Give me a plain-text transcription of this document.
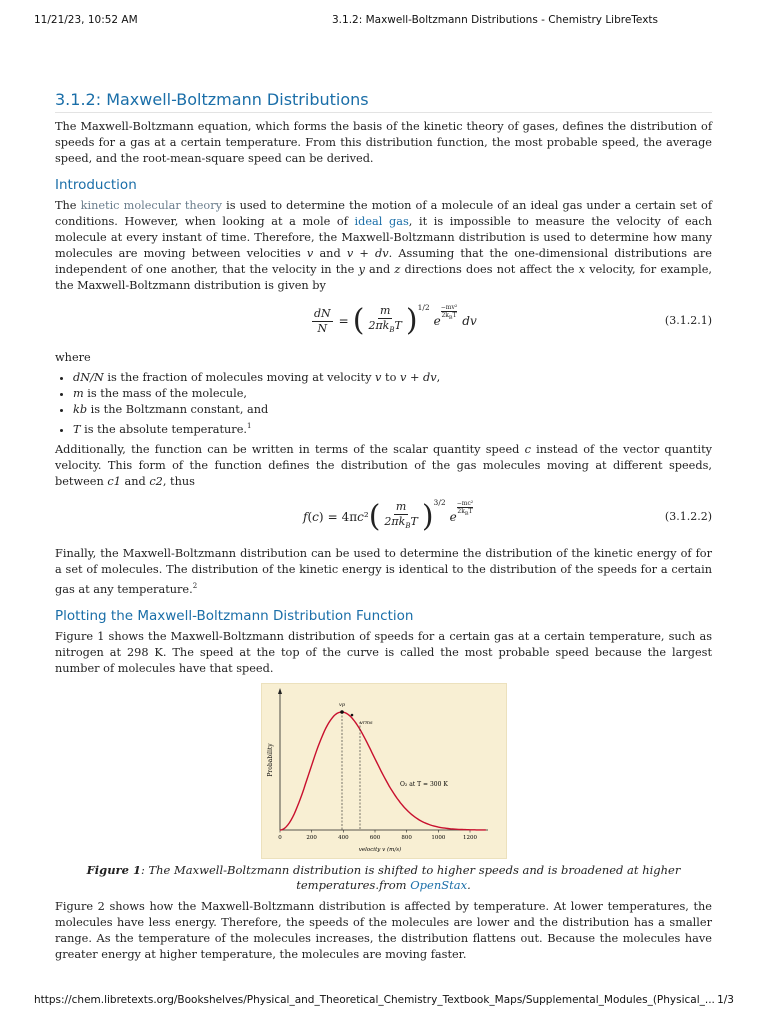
11/21/23, 10:52 AM	3.1.2: Maxwell-Boltzmann Distributions - Chemistry LibreTexts
3.1.2: Maxwell-Boltzmann Distributions

The Maxwell-Boltzmann equation, which forms the basis of the kinetic theory of gases, defines the distribution of speeds for a gas at a certain temperature. From this distribution function, the most probable speed, the average speed, and the root-mean-square speed can be derived.

Introduction

The kinetic molecular theory is used to determine the motion of a molecule of an ideal gas under a certain set of conditions. However, when looking at a mole of ideal gas, it is impossible to measure the velocity of each molecule at every instant of time. Therefore, the Maxwell-Boltzmann distribution is used to determine how many molecules are moving between velocities v and v + dv. Assuming that the one-dimensional distributions are independent of one another, that the velocity in the y and z directions does not affect the x velocity, for example, the Maxwell-Boltzmann distribution is given by

$\frac{dN}{N}$ = ( $\frac{m}{2\pi k_BT}$ ) 1/2
e
−mv²
$2k_BT$ dv	(3.1.2.1)

where

• dN/N is the fraction of molecules moving at velocity v to v + dv,
• m is the mass of the molecule,
• kb is the Boltzmann constant, and
• T is the absolute temperature.$^1$

Additionally, the function can be written in terms of the scalar quantity speed c instead of the vector quantity velocity. This form of the function defines the distribution of the gas molecules moving at different speeds, between c1 and c2, thus

f ( c ) = 4π c ² ( $\frac{m}{2\pi k_BT}$ ) 3/2
e
−mc²
$2k_BT$	(3.1.2.2)

Finally, the Maxwell-Boltzmann distribution can be used to determine the distribution of the kinetic energy of for a set of molecules. The distribution of the kinetic energy is identical to the distribution of the speeds for a certain gas at any temperature.$^2$

Plotting the Maxwell-Boltzmann Distribution Function

Figure 1 shows the Maxwell-Boltzmann distribution of speeds for a certain gas at a certain temperature, such as nitrogen at 298 K. The speed at the top of the curve is called the most probable speed because the largest number of molecules have that speed.

Probability
0	200	400	600	800	1000	1200
velocity v (m/s)
vp
vrms
O₂ at T = 300 K

Figure 1: The Maxwell-Boltzmann distribution is shifted to higher speeds and is broadened at higher temperatures.from OpenStax.

Figure 2 shows how the Maxwell-Boltzmann distribution is affected by temperature. At lower temperatures, the molecules have less energy. Therefore, the speeds of the molecules are lower and the distribution has a smaller range. As the temperature of the molecules increases, the distribution flattens out. Because the molecules have greater energy at higher temperature, the molecules are moving faster.

https://chem.libretexts.org/Bookshelves/Physical_and_Theoretical_Chemistry_Textbook_Maps/Supplemental_Modules_(Physical_... 1/3
